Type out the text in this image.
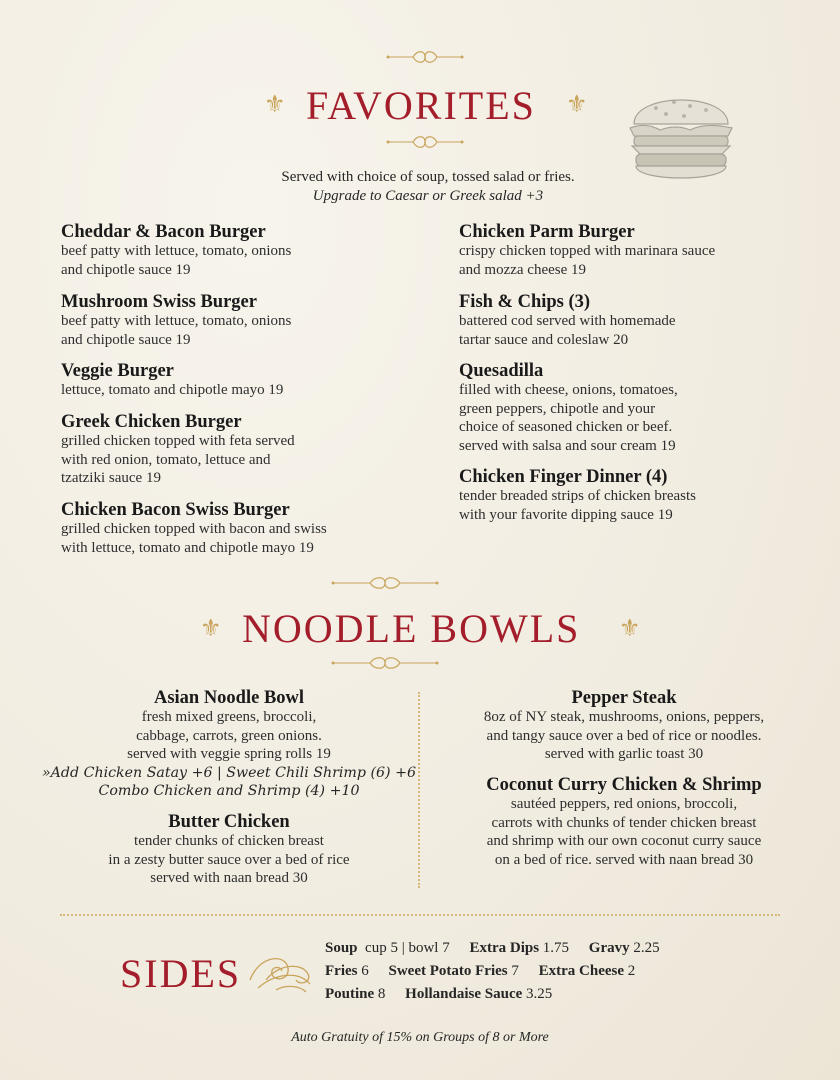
⚜ FAVORITES ⚜
Served with choice of soup, tossed salad or fries.
Upgrade to Caesar or Greek salad +3
Cheddar & Bacon Burger
beef patty with lettuce, tomato, onions
and chipotle sauce 19
Mushroom Swiss Burger
beef patty with lettuce, tomato, onions
and chipotle sauce 19
Veggie Burger
lettuce, tomato and chipotle mayo 19
Greek Chicken Burger
grilled chicken topped with feta served
with red onion, tomato, lettuce and
tzatziki sauce 19
Chicken Bacon Swiss Burger
grilled chicken topped with bacon and swiss
with lettuce, tomato and chipotle mayo 19
Chicken Parm Burger
crispy chicken topped with marinara sauce
and mozza cheese 19
Fish & Chips (3)
battered cod served with homemade
tartar sauce and coleslaw 20
Quesadilla
filled with cheese, onions, tomatoes,
green peppers, chipotle and your
choice of seasoned chicken or beef.
served with salsa and sour cream 19
Chicken Finger Dinner (4)
tender breaded strips of chicken breasts
with your favorite dipping sauce 19
⚜ NOODLE BOWLS ⚜
Asian Noodle Bowl
fresh mixed greens, broccoli,
cabbage, carrots, green onions.
served with veggie spring rolls 19
»Add Chicken Satay +6 | Sweet Chili Shrimp (6) +6
Combo Chicken and Shrimp (4) +10
Butter Chicken
tender chunks of chicken breast
in a zesty butter sauce over a bed of rice
served with naan bread 30
Pepper Steak
8oz of NY steak, mushrooms, onions, peppers,
and tangy sauce over a bed of rice or noodles.
served with garlic toast 30
Coconut Curry Chicken & Shrimp
sautéed peppers, red onions, broccoli,
carrots with chunks of tender chicken breast
and shrimp with our own coconut curry sauce
on a bed of rice. served with naan bread 30
SIDES
Soup cup 5 | bowl 7 Extra Dips 1.75 Gravy 2.25
Fries 6 Sweet Potato Fries 7 Extra Cheese 2
Poutine 8 Hollandaise Sauce 3.25
Auto Gratuity of 15% on Groups of 8 or More
